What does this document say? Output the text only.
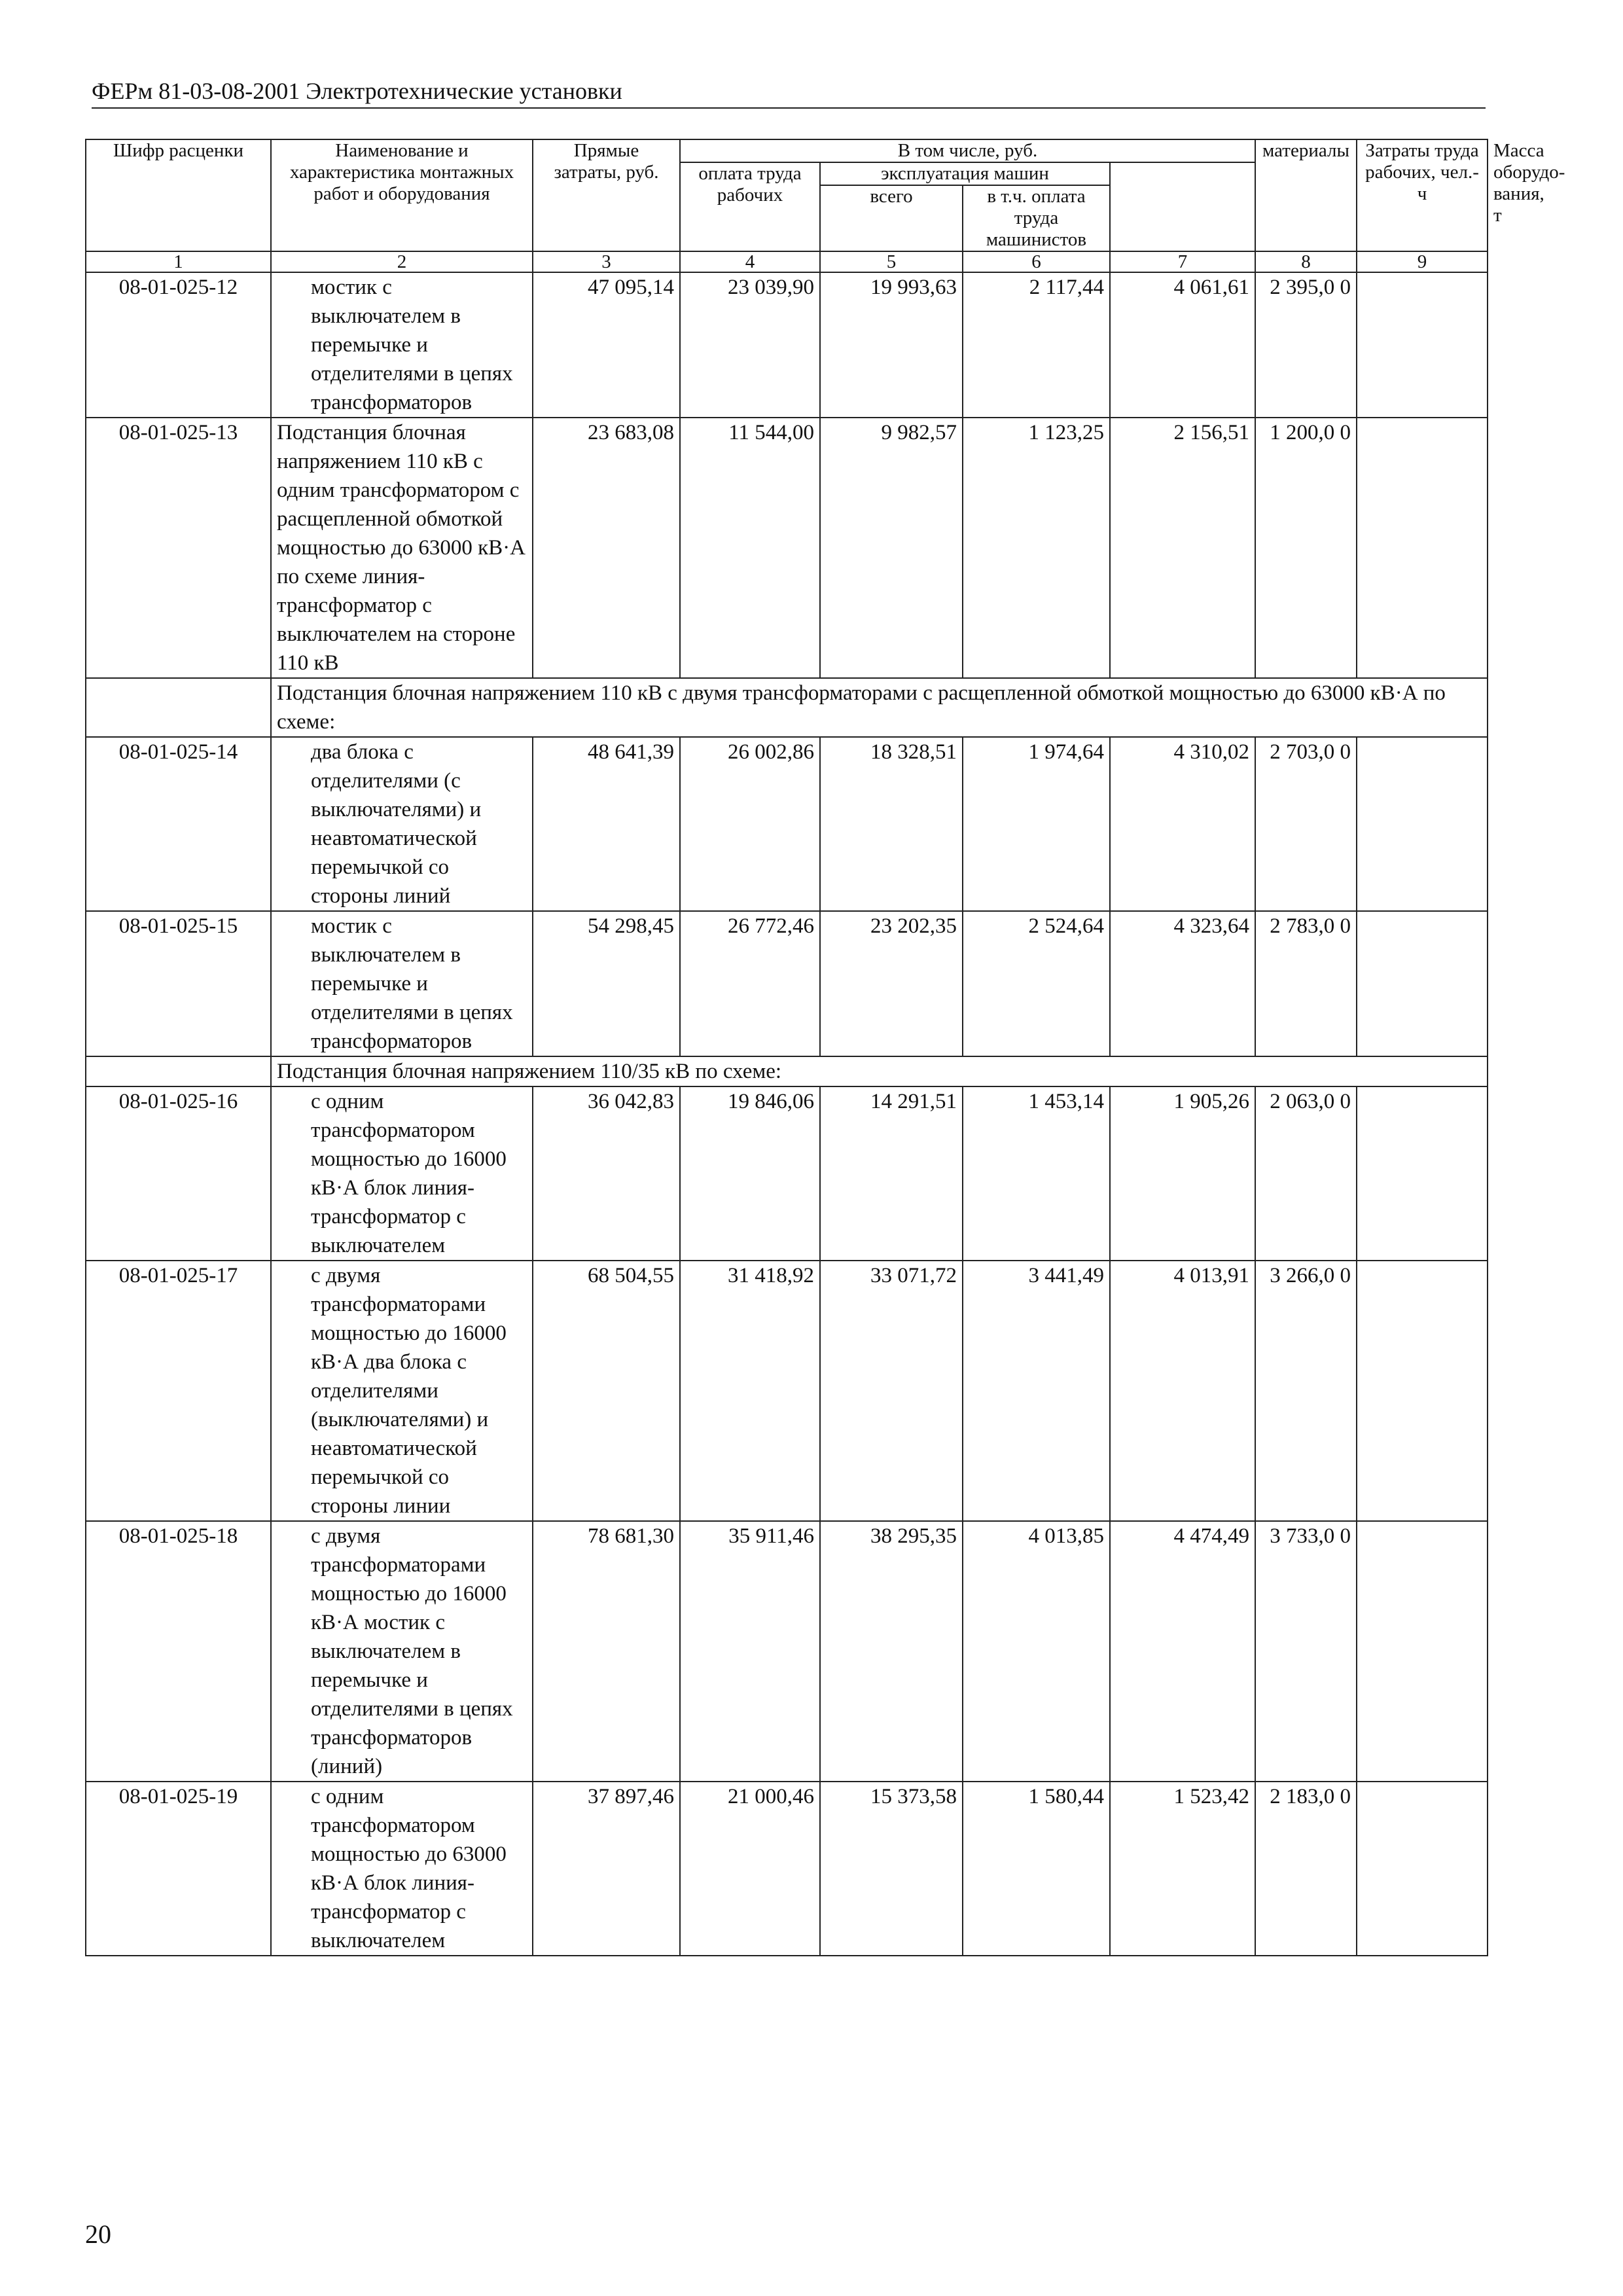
ФЕРм 81-03-08-2001 Электротехнические установки
Шифр расценки	Наименование и характеристика монтажных работ и оборудования	Прямые затраты, руб.	В том числе, руб.				материалы	Затраты труда рабочих, чел.-ч	Масса оборудо-вания, т
			оплата труда рабочих	эксплуатация машин					
				всего	в т.ч. оплата труда машинистов				
1	2	3	4	5	6	7	8	9	
08-01-025-12	мостик с выключателем в перемычке и отделителями в цепях трансформаторов	47 095,14	23 039,90	19 993,63	2 117,44	4 061,61	2 395,0 0		
08-01-025-13	Подстанция блочная напряжением 110 кВ с одним трансформатором с расщепленной обмоткой мощностью до 63000 кВ·А по схеме линия-трансформатор с выключателем на стороне 110 кВ	23 683,08	11 544,00	9 982,57	1 123,25	2 156,51	1 200,0 0		
	Подстанция блочная напряжением 110 кВ с двумя трансформаторами с расщепленной обмоткой мощностью до 63000 кВ·А по схеме:								
08-01-025-14	два блока с отделителями (с выключателями) и неавтоматической перемычкой со стороны линий	48 641,39	26 002,86	18 328,51	1 974,64	4 310,02	2 703,0 0		
08-01-025-15	мостик с выключателем в перемычке и отделителями в цепях трансформаторов	54 298,45	26 772,46	23 202,35	2 524,64	4 323,64	2 783,0 0		
	Подстанция блочная напряжением 110/35 кВ по схеме:								
08-01-025-16	с одним трансформатором мощностью до 16000 кВ·А блок линия-трансформатор с выключателем	36 042,83	19 846,06	14 291,51	1 453,14	1 905,26	2 063,0 0		
08-01-025-17	с двумя трансформаторами мощностью до 16000 кВ·А два блока с отделителями (выключателями) и неавтоматической перемычкой со стороны линии	68 504,55	31 418,92	33 071,72	3 441,49	4 013,91	3 266,0 0		
08-01-025-18	с двумя трансформаторами мощностью до 16000 кВ·А мостик с выключателем в перемычке и отделителями в цепях трансформаторов (линий)	78 681,30	35 911,46	38 295,35	4 013,85	4 474,49	3 733,0 0		
08-01-025-19	с одним трансформатором мощностью до 63000 кВ·А блок линия-трансформатор с выключателем	37 897,46	21 000,46	15 373,58	1 580,44	1 523,42	2 183,0 0		
20
